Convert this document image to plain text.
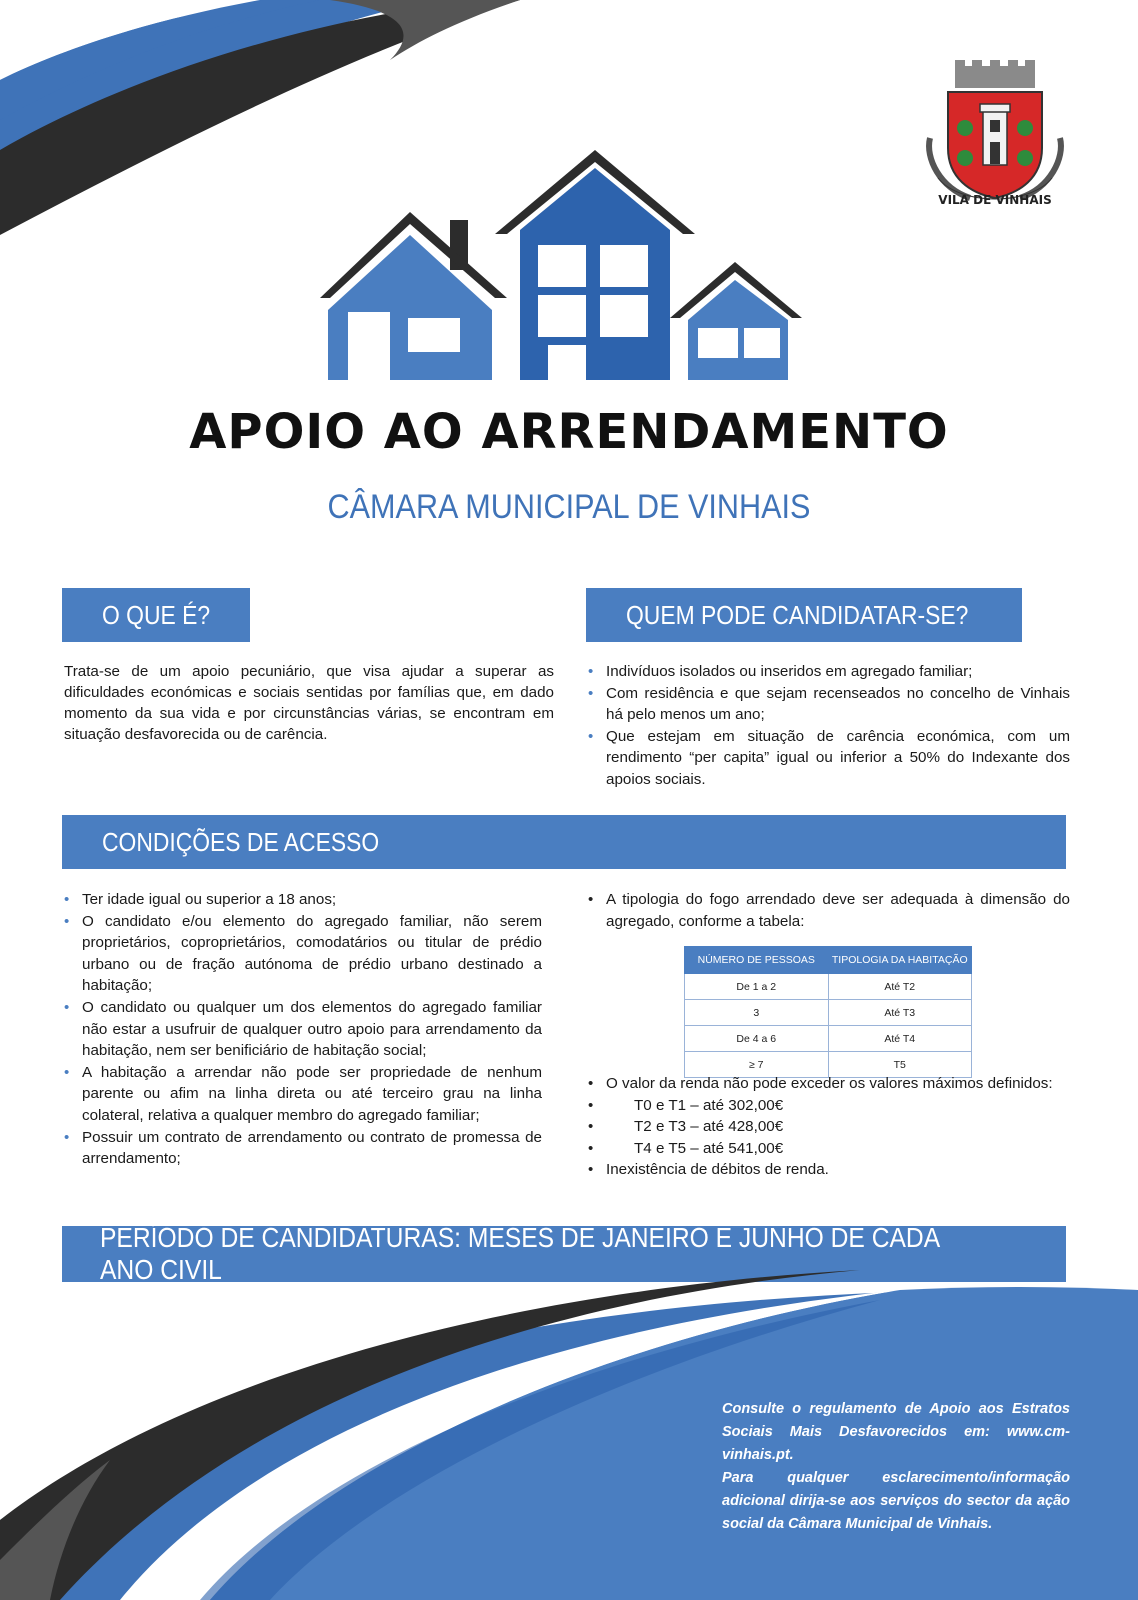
VILA DE VINHAIS
APOIO AO ARRENDAMENTO
CÂMARA MUNICIPAL DE VINHAIS
O QUE É?	QUEM PODE CANDIDATAR-SE?
Trata-se de um apoio pecuniário, que visa ajudar a superar as dificuldades económicas e sociais sentidas por famílias que, em dado momento da sua vida e por circunstâncias várias, se encontram em situação desfavorecida ou de carência.
• Indivíduos isolados ou inseridos em agregado familiar;
• Com residência e que sejam recenseados no concelho de Vinhais há pelo menos um ano;
• Que estejam em situação de carência económica, com um rendimento “per capita” igual ou inferior a 50% do Indexante dos apoios sociais.
CONDIÇÕES DE ACESSO
• Ter idade igual ou superior a 18 anos;
• O candidato e/ou elemento do agregado familiar, não serem proprietários, coproprietários, comodatários ou titular de prédio urbano ou de fração autónoma de prédio urbano destinado a habitação;
• O candidato ou qualquer um dos elementos do agregado familiar não estar a usufruir de qualquer outro apoio para arrendamento da habitação, nem ser benificiário de habitação social;
• A habitação a arrendar não pode ser propriedade de nenhum parente ou afim na linha direta ou até terceiro grau na linha colateral, relativa a qualquer membro do agregado familiar;
• Possuir um contrato de arrendamento ou contrato de promessa de arrendamento;
• A tipologia do fogo arrendado deve ser adequada à dimensão do agregado, conforme a tabela:
NÚMERO DE PESSOAS	TIPOLOGIA DA HABITAÇÃO
De 1 a 2	Até T2
3	Até T3
De 4 a 6	Até T4
≥ 7	T5
• O valor da renda não pode exceder os valores máximos definidos:
• T0 e T1 – até 302,00€
• T2 e T3 – até 428,00€
• T4 e T5 – até 541,00€
• Inexistência de débitos de renda.
PERÍODO DE CANDIDATURAS: MESES DE JANEIRO E JUNHO DE CADA ANO CIVIL

Consulte o regulamento de Apoio aos Estratos Sociais Mais Desfavorecidos em: www.cm-vinhais.pt.

Para qualquer esclarecimento/informação adicional dirija-se aos serviços do sector da ação social da Câmara Municipal de Vinhais.
